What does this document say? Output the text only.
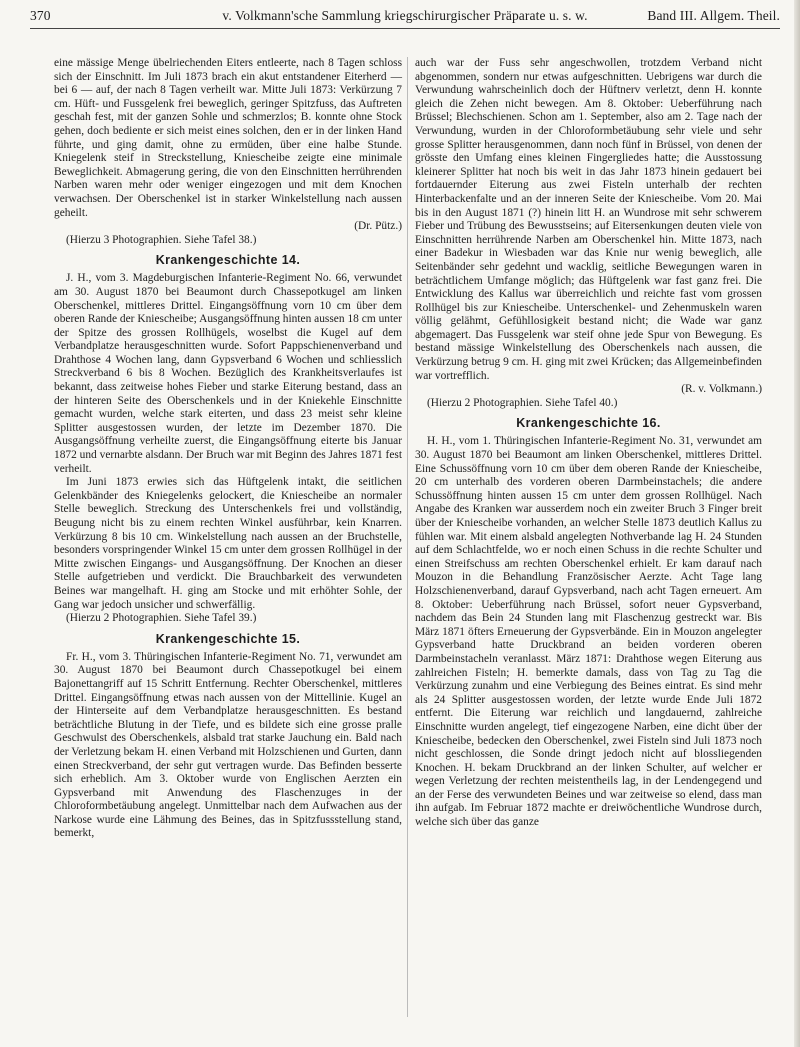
370	v. Volkmann'sche Sammlung kriegschirurgischer Präparate u. s. w.	Band III. Allgem. Theil.

eine mässige Menge übelriechenden Eiters entleerte, nach 8 Tagen schloss sich der Einschnitt. Im Juli 1873 brach ein akut entstandener Eiterherd — bei 6 — auf, der nach 8 Tagen verheilt war. Mitte Juli 1873: Verkürzung 7 cm. Hüft- und Fussgelenk frei beweglich, geringer Spitzfuss, das Auftreten geschah fest, mit der ganzen Sohle und schmerzlos; B. konnte ohne Stock gehen, doch bediente er sich meist eines solchen, den er in der linken Hand führte, und ging damit, ohne zu ermüden, über eine halbe Stunde. Kniegelenk steif in Streckstellung, Kniescheibe zeigte eine minimale Beweglichkeit. Abmagerung gering, die von den Einschnitten herrührenden Narben waren mehr oder weniger eingezogen und mit dem Knochen verwachsen. Der Oberschenkel ist in starker Winkelstellung nach aussen geheilt.

(Dr. Pütz.)

(Hierzu 3 Photographien. Siehe Tafel 38.)

Krankengeschichte 14.

J. H., vom 3. Magdeburgischen Infanterie-Regiment No. 66, verwundet am 30. August 1870 bei Beaumont durch Chassepotkugel am linken Oberschenkel, mittleres Drittel. Eingangsöffnung vorn 10 cm über dem oberen Rande der Kniescheibe; Ausgangsöffnung hinten aussen 18 cm unter der Spitze des grossen Rollhügels, woselbst die Kugel auf dem Verbandplatze herausgeschnitten wurde. Sofort Pappschienenverband und Drahthose 4 Wochen lang, dann Gypsverband 6 Wochen und schliesslich Streckverband 6 bis 8 Wochen. Bezüglich des Krankheitsverlaufes ist bekannt, dass zeitweise hohes Fieber und starke Eiterung bestand, dass an der hinteren Seite des Oberschenkels und in der Kniekehle Einschnitte gemacht wurden, welche stark eiterten, und dass 23 meist sehr kleine Splitter ausgestossen wurden, der letzte im Dezember 1870. Die Ausgangsöffnung verheilte zuerst, die Eingangsöffnung eiterte bis Januar 1872 und vernarbte alsdann. Der Bruch war mit Beginn des Jahres 1871 fest verheilt.

Im Juni 1873 erwies sich das Hüftgelenk intakt, die seitlichen Gelenkbänder des Kniegelenks gelockert, die Kniescheibe an normaler Stelle beweglich. Streckung des Unterschenkels frei und vollständig, Beugung nicht bis zu einem rechten Winkel ausführbar, kein Knarren. Verkürzung 8 bis 10 cm. Winkelstellung nach aussen an der Bruchstelle, besonders vorspringender Winkel 15 cm unter dem grossen Rollhügel in der Mitte zwischen Eingangs- und Ausgangsöffnung. Der Knochen an dieser Stelle aufgetrieben und verdickt. Die Brauchbarkeit des verwundeten Beines war mangelhaft. H. ging am Stocke und mit erhöhter Sohle, der Gang war jedoch unsicher und schwerfällig.

(Hierzu 2 Photographien. Siehe Tafel 39.)

Krankengeschichte 15.

Fr. H., vom 3. Thüringischen Infanterie-Regiment No. 71, verwundet am 30. August 1870 bei Beaumont durch Chassepotkugel bei einem Bajonettangriff auf 15 Schritt Entfernung. Rechter Oberschenkel, mittleres Drittel. Eingangsöffnung etwas nach aussen von der Mittellinie. Kugel an der Hinterseite auf dem Verbandplatze herausgeschnitten. Es bestand beträchtliche Blutung in der Tiefe, und es bildete sich eine grosse pralle Geschwulst des Oberschenkels, alsbald trat starke Jauchung ein. Bald nach der Verletzung bekam H. einen Verband mit Holzschienen und Gurten, dann einen Streckverband, der sehr gut vertragen wurde. Das Befinden besserte sich erheblich. Am 3. Oktober wurde von Englischen Aerzten ein Gypsverband mit Anwendung des Flaschenzuges in der Chloroformbetäubung angelegt. Unmittelbar nach dem Aufwachen aus der Narkose wurde eine Lähmung des Beines, das in Spitzfussstellung stand, bemerkt,

auch war der Fuss sehr angeschwollen, trotzdem Verband nicht abgenommen, sondern nur etwas aufgeschnitten. Uebrigens war durch die Verwundung wahrscheinlich doch der Hüftnerv verletzt, denn H. konnte gleich die Zehen nicht bewegen. Am 8. Oktober: Ueberführung nach Brüssel; Blechschienen. Schon am 1. September, also am 2. Tage nach der Verwundung, wurden in der Chloroformbetäubung sehr viele und sehr grosse Splitter herausgenommen, dann noch fünf in Brüssel, von denen der grösste den Umfang eines kleinen Fingergliedes hatte; die Ausstossung kleinerer Splitter hat noch bis weit in das Jahr 1873 hinein gedauert bei fortdauernder Eiterung aus zwei Fisteln unterhalb der rechten Hinterbackenfalte und an der inneren Seite der Kniescheibe. Vom 20. Mai bis in den August 1871 (?) hinein litt H. an Wundrose mit sehr schwerem Fieber und Trübung des Bewusstseins; auf Eitersenkungen deuten viele von Einschnitten herrührende Narben am Oberschenkel hin. Mitte 1873, nach einer Badekur in Wiesbaden war das Knie nur wenig beweglich, alle Seitenbänder sehr gedehnt und wacklig, seitliche Bewegungen waren in beträchtlichem Umfange möglich; das Hüftgelenk war fast ganz frei. Die Entwicklung des Kallus war überreichlich und reichte fast vom grossen Rollhügel bis zur Kniescheibe. Unterschenkel- und Zehenmuskeln waren völlig gelähmt, Gefühllosigkeit bestand nicht; die Wade war ganz abgemagert. Das Fussgelenk war steif ohne jede Spur von Bewegung. Es bestand mässige Winkelstellung des Oberschenkels nach aussen, die Verkürzung betrug 9 cm. H. ging mit zwei Krücken; das Allgemeinbefinden war vortrefflich.

(R. v. Volkmann.)

(Hierzu 2 Photographien. Siehe Tafel 40.)

Krankengeschichte 16.

H. H., vom 1. Thüringischen Infanterie-Regiment No. 31, verwundet am 30. August 1870 bei Beaumont am linken Oberschenkel, mittleres Drittel. Eine Schussöffnung vorn 10 cm über dem oberen Rande der Kniescheibe, 20 cm unterhalb des vorderen oberen Darmbeinstachels; die andere Schussöffnung hinten aussen 15 cm unter dem grossen Rollhügel. Nach Angabe des Kranken war ausserdem noch ein zweiter Bruch 3 Finger breit über der Kniescheibe vorhanden, an welcher Stelle 1873 deutlich Kallus zu fühlen war. Mit einem alsbald angelegten Nothverbande lag H. 24 Stunden auf dem Schlachtfelde, wo er noch einen Schuss in die rechte Schulter und einen Streifschuss am rechten Oberschenkel erhielt. Er kam darauf nach Mouzon in die Behandlung Französischer Aerzte. Acht Tage lang Holzschienenverband, darauf Gypsverband, nach acht Tagen erneuert. Am 8. Oktober: Ueberführung nach Brüssel, sofort neuer Gypsverband, nachdem das Bein 24 Stunden lang mit Flaschenzug gestreckt war. Bis März 1871 öfters Erneuerung der Gypsverbände. Ein in Mouzon angelegter Gypsverband hatte Druckbrand an beiden vorderen oberen Darmbeinstacheln veranlasst. März 1871: Drahthose wegen Eiterung aus zahlreichen Fisteln; H. bemerkte damals, dass von Tag zu Tag die Verkürzung zunahm und eine Verbiegung des Beines eintrat. Es sind mehr als 24 Splitter ausgestossen worden, der letzte wurde Ende Juli 1872 entfernt. Die Eiterung war reichlich und langdauernd, zahlreiche Einschnitte wurden angelegt, tief eingezogene Narben, eine dicht über der Kniescheibe, bedecken den Oberschenkel, zwei Fisteln sind Juli 1873 noch nicht geschlossen, die Sonde dringt jedoch nicht auf blossliegenden Knochen. H. bekam Druckbrand an der linken Schulter, auf welcher er wegen Verletzung der rechten meistentheils lag, in der Lendengegend und an der Ferse des verwundeten Beines und war zeitweise so elend, dass man ihn aufgab. Im Februar 1872 machte er dreiwöchentliche Wundrose durch, welche sich über das ganze
